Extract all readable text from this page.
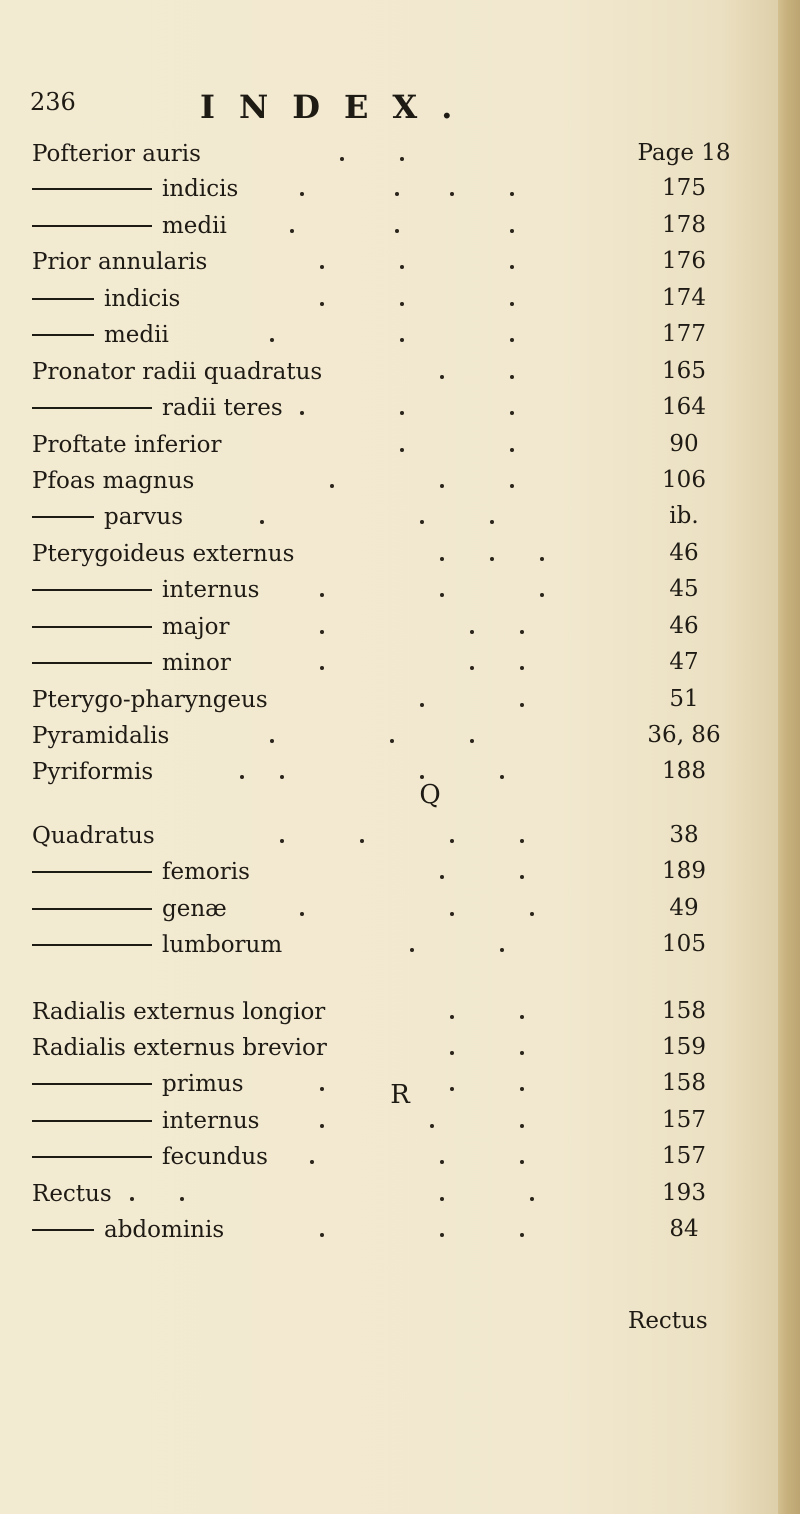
236	INDEX.
Pofterior auris	Page 18
indicis	175
medii	178
Prior annularis	176
indicis	174
medii	177
Pronator radii quadratus	165
radii teres	164
Proftate inferior	90
Pfoas magnus	106
parvus	ib.
Pterygoideus externus	46
internus	45
major	46
minor	47
Pterygo-pharyngeus	51
Pyramidalis	36, 86
Pyriformis	188
Quadratus	38
femoris	189
genæ	49
lumborum	105
Radialis externus longior	158
Radialis externus brevior	159
primus	158
internus	157
fecundus	157
Rectus	193
abdominis	84
Q
R
Rectus
